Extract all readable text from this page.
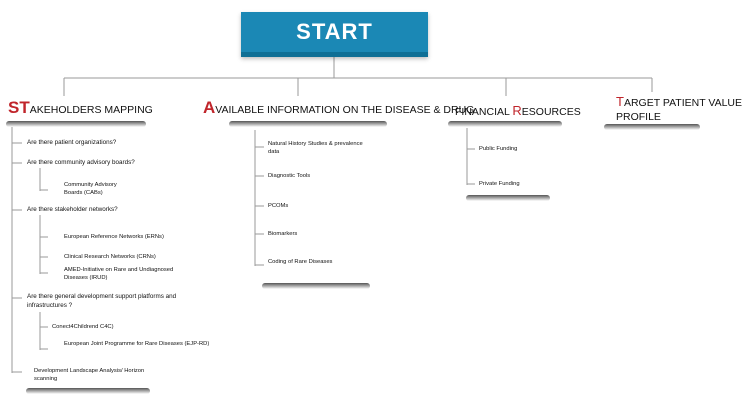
START
STAKEHOLDERS MAPPING	AVAILABLE INFORMATION ON THE DISEASE & DRUG
FINANCIAL RESOURCES
TARGET PATIENT VALUE
PROFILE
Are there patient organizations?
Are there community advisory boards?
Community Advisory Boards (CABs)
Are there stakeholder networks?
European Reference Networks (ERNs)
Clinical Research Networks (CRNs)
AMED-Initiative on Rare and Undiagnosed Diseases (IRUD)
Are there general development support platforms and infrastructures ?
Conect4Childrend C4C)
European Joint Programme for Rare Diseases (EJP-RD)
Development Landscape Analysis/ Horizon scanning
Natural History Studies & prevalence data
Diagnostic Tools
PCOMs
Biomarkers
Coding of Rare Diseases
Public Funding
Private Funding
